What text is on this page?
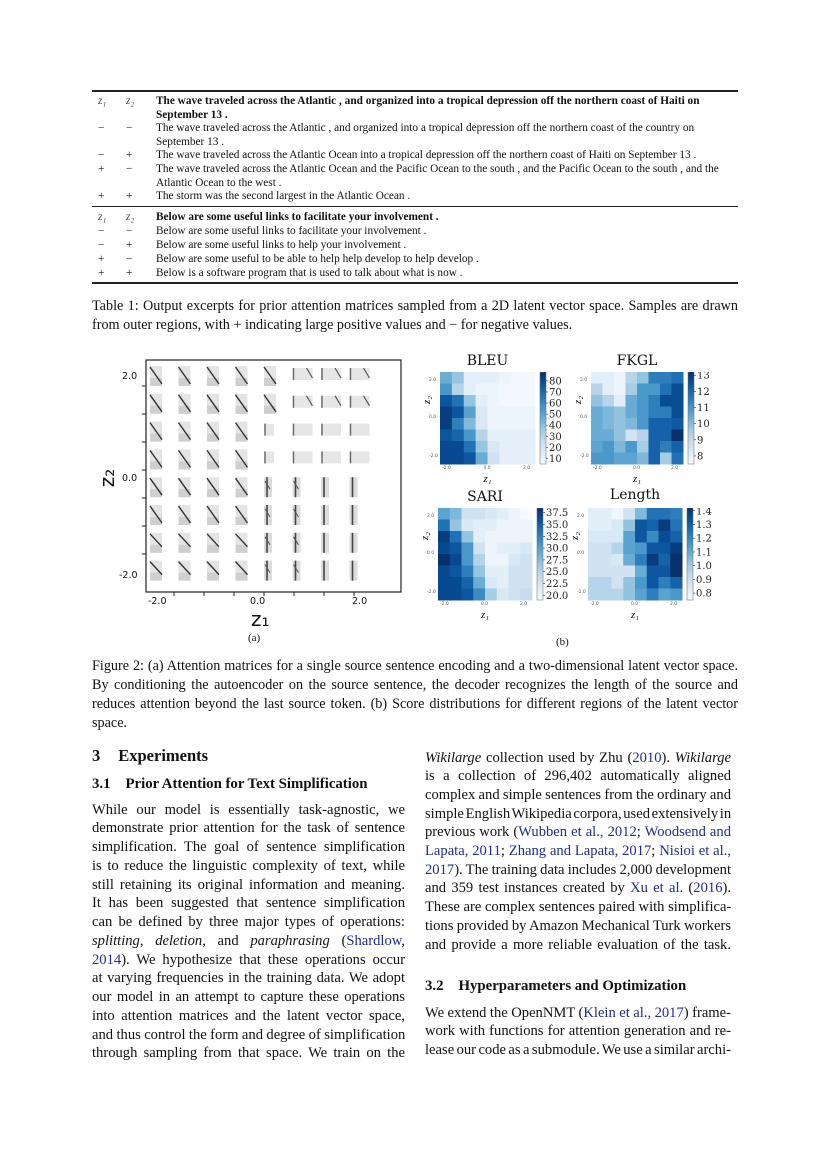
z₁	z₂	The wave traveled across the Atlantic , and organized into a tropical depression off the northern coast of Haiti on September 13 .
−	−	The wave traveled across the Atlantic , and organized into a tropical depression off the northern coast of the country on September 13 .
−	+	The wave traveled across the Atlantic Ocean into a tropical depression off the northern coast of Haiti on September 13 .
+	−	The wave traveled across the Atlantic Ocean and the Pacific Ocean to the south , and the Pacific Ocean to the south , and the Atlantic Ocean to the west .
+	+	The storm was the second largest in the Atlantic Ocean .
z₁	z₂	Below are some useful links to facilitate your involvement .
−	−	Below are some useful links to facilitate your involvement .
−	+	Below are some useful links to help your involvement .
+	−	Below are some useful to be able to help help develop to help develop .
+	+	Below is a software program that is used to talk about what is now .
Table 1: Output excerpts for prior attention matrices sampled from a 2D latent vector space. Samples are drawn from outer regions, with + indicating large positive values and − for negative values.
2.0
0.0
-2.0
-2.0	0.0	2.0
z₂
z₁
(a)
BLEU
10
20
30
40
50
60
70
80
-2.0	0.0	2.0
2.0
0.0
-2.0
z₁
z₂
FKGL
8
9
10
11
12
13
-2.0	0.0	2.0
2.0
0.0
-2.0
z₁
z₂
SARI
20.0
22.5
25.0
27.5
30.0
32.5
35.0
37.5
-2.0	0.0	2.0
2.0
0.0
-2.0
z₁
z₂
Length
0.8
0.9
1.0
1.1
1.2
1.3
1.4
-2.0	0.0	2.0
2.0
0.0
-2.0
z₁
z₂
(b)
Figure 2: (a) Attention matrices for a single source sentence encoding and a two-dimensional latent vector space. By conditioning the autoencoder on the source sentence, the decoder recognizes the length of the source and reduces attention beyond the last source token. (b) Score distributions for different regions of the latent vector space.
3 Experiments
3.1 Prior Attention for Text Simplification
3.2 Hyperparameters and Optimization
While our model is essentially task-agnostic, we
demonstrate prior attention for the task of sentence
simplification. The goal of sentence simplification
is to reduce the linguistic complexity of text, while
still retaining its original information and meaning.
It has been suggested that sentence simplification
can be defined by three major types of operations:
splitting, deletion, and paraphrasing (Shardlow,
2014). We hypothesize that these operations occur
at varying frequencies in the training data. We adopt
our model in an attempt to capture these operations
into attention matrices and the latent vector space,
and thus control the form and degree of simplification
through sampling from that space. We train on the
Wikilarge collection used by Zhu (2010). Wikilarge
is a collection of 296,402 automatically aligned
complex and simple sentences from the ordinary and
simple English Wikipedia corpora, used extensively in
previous work (Wubben et al., 2012; Woodsend and
Lapata, 2011; Zhang and Lapata, 2017; Nisioi et al.,
2017). The training data includes 2,000 development
and 359 test instances created by Xu et al. (2016).
These are complex sentences paired with simplifica-
tions provided by Amazon Mechanical Turk workers
and provide a more reliable evaluation of the task.
We extend the OpenNMT (Klein et al., 2017) frame-
work with functions for attention generation and re-
lease our code as a submodule. We use a similar archi-
